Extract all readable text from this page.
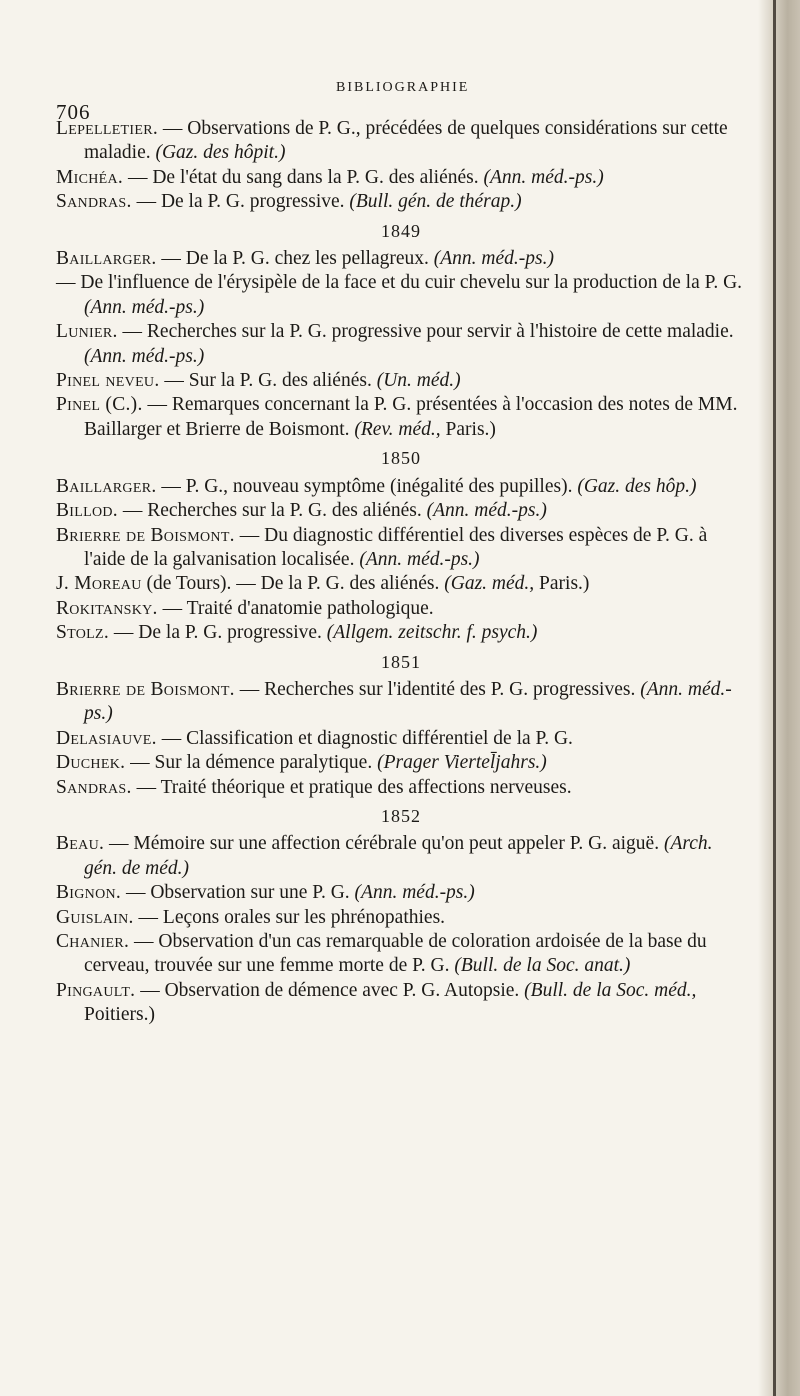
706
BIBLIOGRAPHIE

Lepelletier. — Observations de P. G., précédées de quelques considérations sur cette maladie. (Gaz. des hôpit.)

Michéa. — De l'état du sang dans la P. G. des aliénés. (Ann. méd.-ps.)

Sandras. — De la P. G. progressive. (Bull. gén. de thérap.)

1849

Baillarger. — De la P. G. chez les pellagreux. (Ann. méd.-ps.)

— De l'influence de l'érysipèle de la face et du cuir chevelu sur la production de la P. G. (Ann. méd.-ps.)

Lunier. — Recherches sur la P. G. progressive pour servir à l'histoire de cette maladie. (Ann. méd.-ps.)

Pinel neveu. — Sur la P. G. des aliénés. (Un. méd.)

Pinel (C.). — Remarques concernant la P. G. présentées à l'occasion des notes de MM. Baillarger et Brierre de Boismont. (Rev. méd., Paris.)

1850

Baillarger. — P. G., nouveau symptôme (inégalité des pupilles). (Gaz. des hôp.)

Billod. — Recherches sur la P. G. des aliénés. (Ann. méd.-ps.)

Brierre de Boismont. — Du diagnostic différentiel des diverses espèces de P. G. à l'aide de la galvanisation localisée. (Ann. méd.-ps.)

J. Moreau (de Tours). — De la P. G. des aliénés. (Gaz. méd., Paris.)

Rokitansky. — Traité d'anatomie pathologique.

Stolz. — De la P. G. progressive. (Allgem. zeitschr. f. psych.)

1851

Brierre de Boismont. — Recherches sur l'identité des P. G. progressives. (Ann. méd.-ps.)

Delasiauve. — Classification et diagnostic différentiel de la P. G.

Duchek. — Sur la démence paralytique. (Prager Viertel̄jahrs.)

Sandras. — Traité théorique et pratique des affections nerveuses.

1852

Beau. — Mémoire sur une affection cérébrale qu'on peut appeler P. G. aiguë. (Arch. gén. de méd.)

Bignon. — Observation sur une P. G. (Ann. méd.-ps.)

Guislain. — Leçons orales sur les phrénopathies.

Chanier. — Observation d'un cas remarquable de coloration ardoisée de la base du cerveau, trouvée sur une femme morte de P. G. (Bull. de la Soc. anat.)

Pingault. — Observation de démence avec P. G. Autopsie. (Bull. de la Soc. méd., Poitiers.)
